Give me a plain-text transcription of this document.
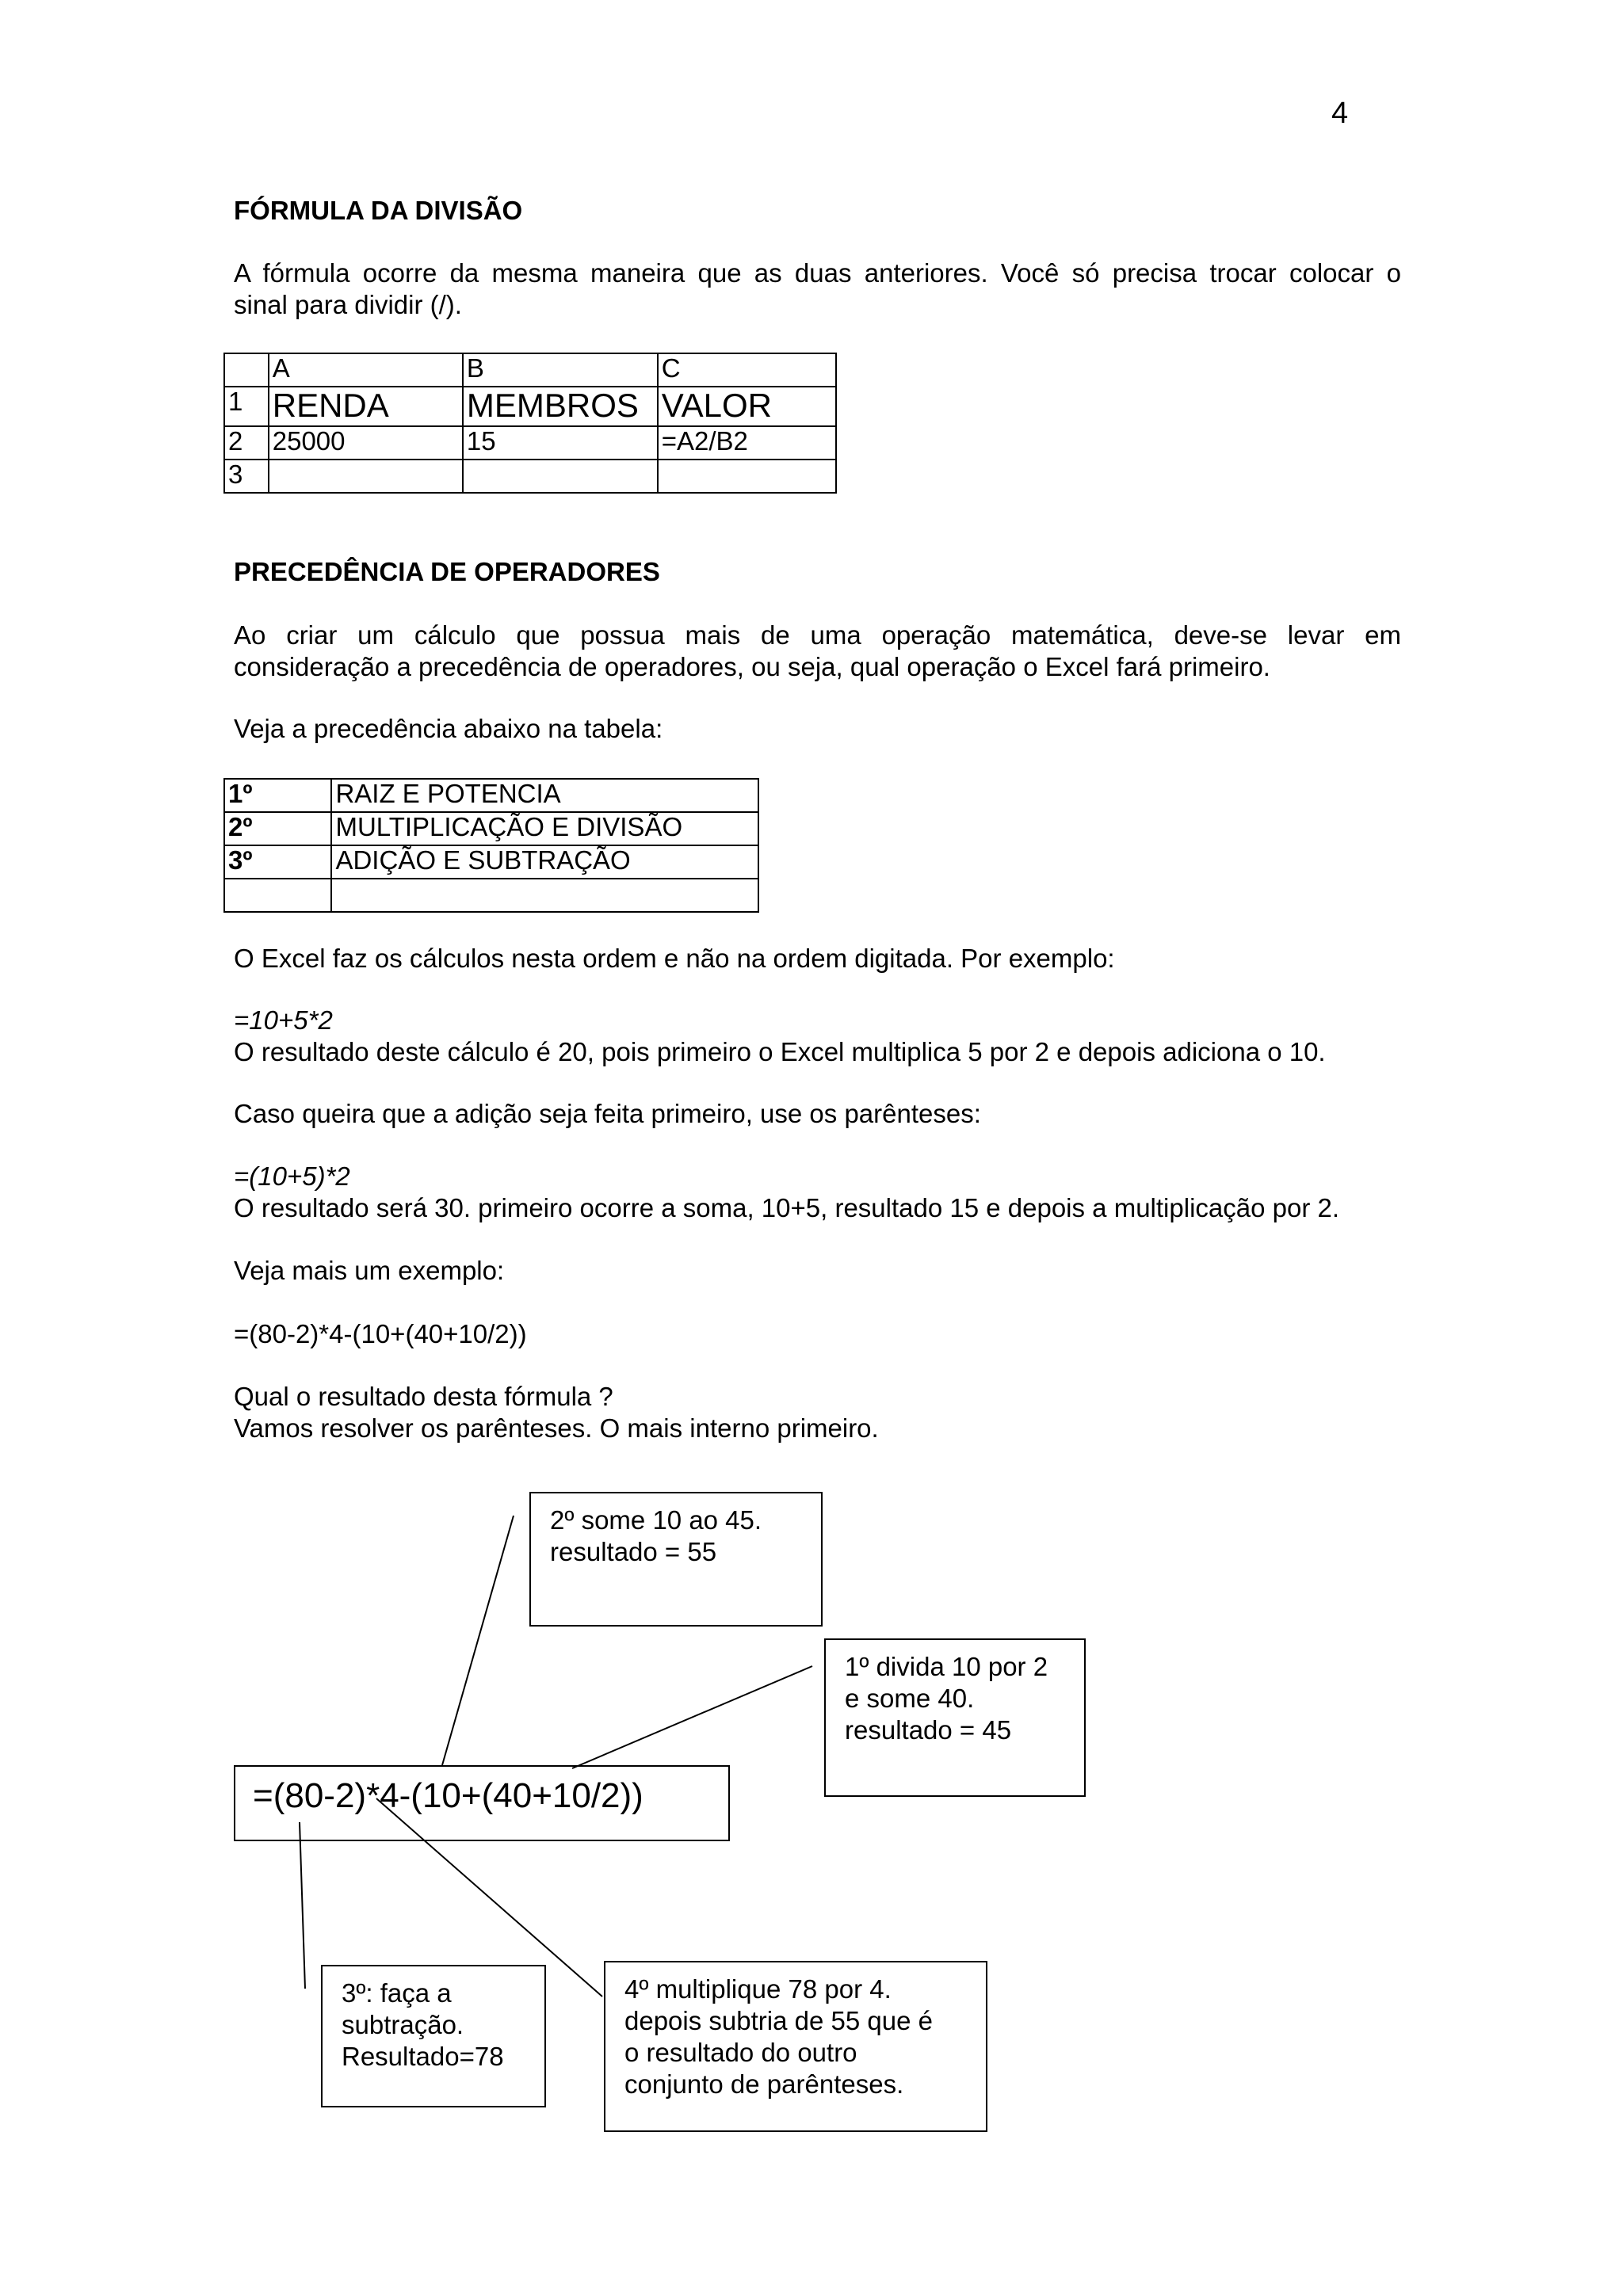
4
FÓRMULA DA DIVISÃO
A fórmula ocorre da mesma maneira que as duas anteriores. Você só precisa trocar colocar o
sinal para dividir (/).
	A	B	C
1	RENDA	MEMBROS	VALOR
2	25000	15	=A2/B2
3			
PRECEDÊNCIA DE OPERADORES
Ao criar um cálculo que possua mais de uma operação matemática, deve-se levar em
consideração a precedência de operadores, ou seja, qual operação o Excel fará primeiro.
Veja a precedência abaixo na tabela:
1º	RAIZ E POTENCIA
2º	MULTIPLICAÇÃO E DIVISÃO
3º	ADIÇÃO E SUBTRAÇÃO

O Excel faz os cálculos nesta ordem e não na ordem digitada. Por exemplo:
=10+5*2
O resultado deste cálculo é 20, pois primeiro o Excel multiplica 5 por 2 e depois adiciona o 10.
Caso queira que a adição seja feita primeiro, use os parênteses:
=(10+5)*2
O resultado será 30. primeiro ocorre a soma, 10+5, resultado 15 e depois a multiplicação por 2.
Veja mais um exemplo:
=(80-2)*4-(10+(40+10/2))
Qual o resultado desta fórmula ?
Vamos resolver os parênteses. O mais interno primeiro.
2º some 10 ao 45.
resultado = 55
1º divida 10 por 2
e some 40.
resultado = 45
=(80-2)*4-(10+(40+10/2))
3º: faça a
subtração.
Resultado=78
4º multiplique 78 por 4.
depois subtria de 55 que é
o resultado do outro
conjunto de parênteses.
